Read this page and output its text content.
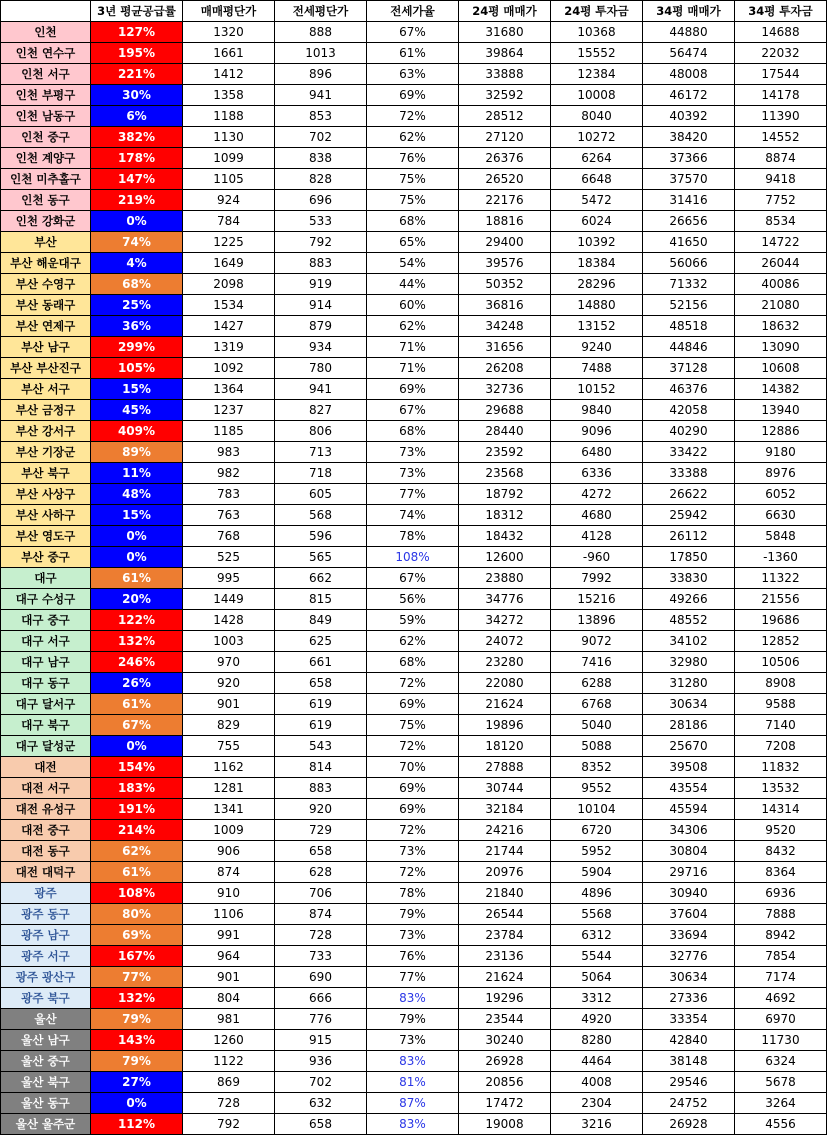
	3년 평균공급률	매매평단가	전세평단가	전세가율	24평 매매가	24평 투자금	34평 매매가	34평 투자금
인천	127%	1320	888	67%	31680	10368	44880	14688
인천 연수구	195%	1661	1013	61%	39864	15552	56474	22032
인천 서구	221%	1412	896	63%	33888	12384	48008	17544
인천 부평구	30%	1358	941	69%	32592	10008	46172	14178
인천 남동구	6%	1188	853	72%	28512	8040	40392	11390
인천 중구	382%	1130	702	62%	27120	10272	38420	14552
인천 계양구	178%	1099	838	76%	26376	6264	37366	8874
인천 미추홀구	147%	1105	828	75%	26520	6648	37570	9418
인천 동구	219%	924	696	75%	22176	5472	31416	7752
인천 강화군	0%	784	533	68%	18816	6024	26656	8534
부산	74%	1225	792	65%	29400	10392	41650	14722
부산 해운대구	4%	1649	883	54%	39576	18384	56066	26044
부산 수영구	68%	2098	919	44%	50352	28296	71332	40086
부산 동래구	25%	1534	914	60%	36816	14880	52156	21080
부산 연제구	36%	1427	879	62%	34248	13152	48518	18632
부산 남구	299%	1319	934	71%	31656	9240	44846	13090
부산 부산진구	105%	1092	780	71%	26208	7488	37128	10608
부산 서구	15%	1364	941	69%	32736	10152	46376	14382
부산 금정구	45%	1237	827	67%	29688	9840	42058	13940
부산 강서구	409%	1185	806	68%	28440	9096	40290	12886
부산 기장군	89%	983	713	73%	23592	6480	33422	9180
부산 북구	11%	982	718	73%	23568	6336	33388	8976
부산 사상구	48%	783	605	77%	18792	4272	26622	6052
부산 사하구	15%	763	568	74%	18312	4680	25942	6630
부산 영도구	0%	768	596	78%	18432	4128	26112	5848
부산 중구	0%	525	565	108%	12600	-960	17850	-1360
대구	61%	995	662	67%	23880	7992	33830	11322
대구 수성구	20%	1449	815	56%	34776	15216	49266	21556
대구 중구	122%	1428	849	59%	34272	13896	48552	19686
대구 서구	132%	1003	625	62%	24072	9072	34102	12852
대구 남구	246%	970	661	68%	23280	7416	32980	10506
대구 동구	26%	920	658	72%	22080	6288	31280	8908
대구 달서구	61%	901	619	69%	21624	6768	30634	9588
대구 북구	67%	829	619	75%	19896	5040	28186	7140
대구 달성군	0%	755	543	72%	18120	5088	25670	7208
대전	154%	1162	814	70%	27888	8352	39508	11832
대전 서구	183%	1281	883	69%	30744	9552	43554	13532
대전 유성구	191%	1341	920	69%	32184	10104	45594	14314
대전 중구	214%	1009	729	72%	24216	6720	34306	9520
대전 동구	62%	906	658	73%	21744	5952	30804	8432
대전 대덕구	61%	874	628	72%	20976	5904	29716	8364
광주	108%	910	706	78%	21840	4896	30940	6936
광주 동구	80%	1106	874	79%	26544	5568	37604	7888
광주 남구	69%	991	728	73%	23784	6312	33694	8942
광주 서구	167%	964	733	76%	23136	5544	32776	7854
광주 광산구	77%	901	690	77%	21624	5064	30634	7174
광주 북구	132%	804	666	83%	19296	3312	27336	4692
울산	79%	981	776	79%	23544	4920	33354	6970
울산 남구	143%	1260	915	73%	30240	8280	42840	11730
울산 중구	79%	1122	936	83%	26928	4464	38148	6324
울산 북구	27%	869	702	81%	20856	4008	29546	5678
울산 동구	0%	728	632	87%	17472	2304	24752	3264
울산 울주군	112%	792	658	83%	19008	3216	26928	4556
